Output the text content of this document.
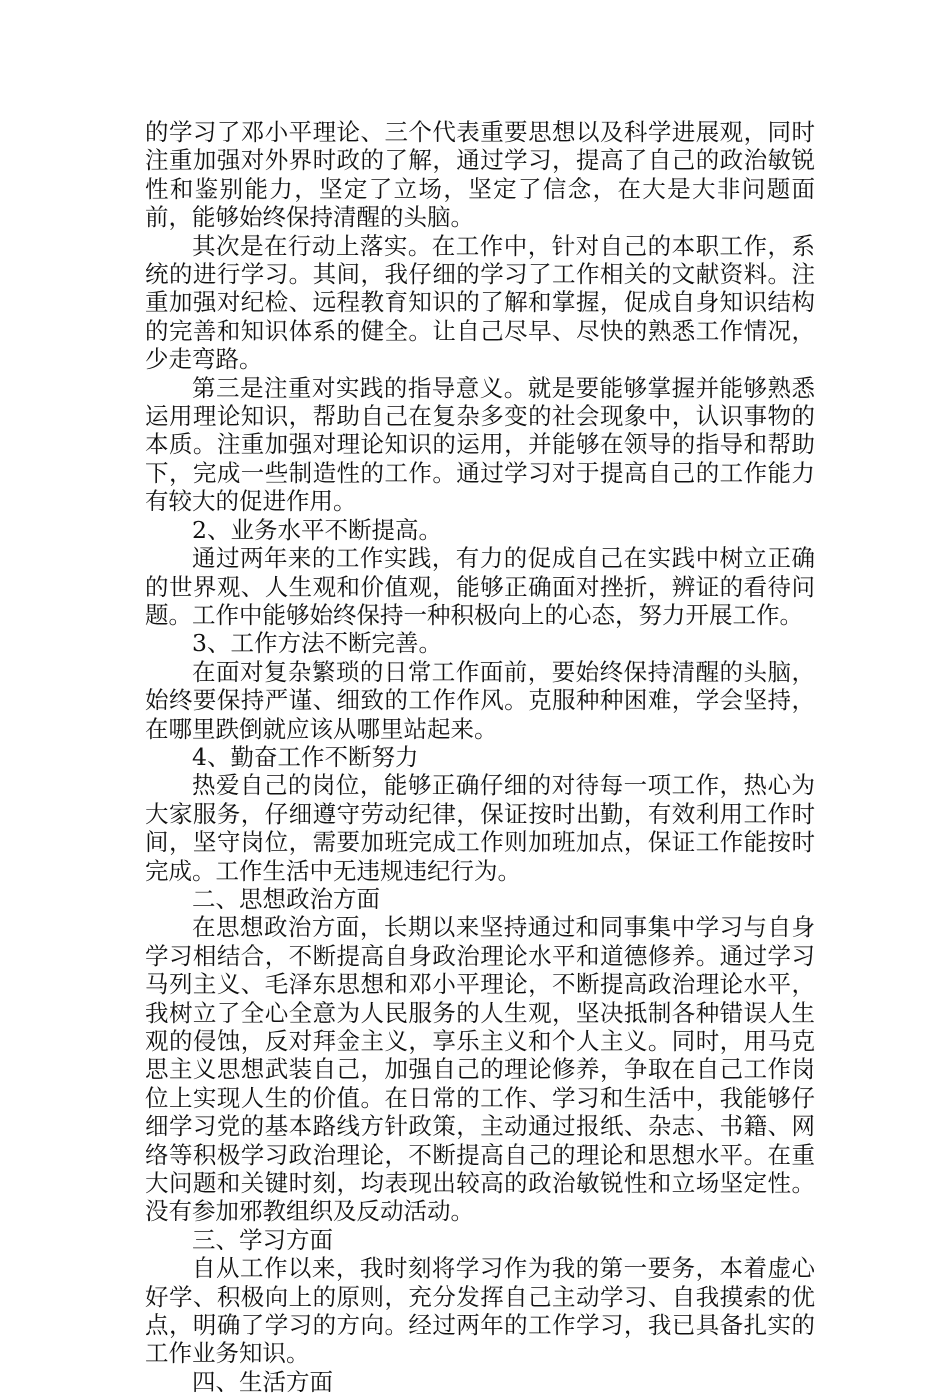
的学习了邓小平理论、三个代表重要思想以及科学进展观，同时注重加强对外界时政的了解，通过学习，提高了自己的政治敏锐性和鉴别能力，坚定了立场，坚定了信念，在大是大非问题面前，能够始终保持清醒的头脑。

其次是在行动上落实。在工作中，针对自己的本职工作，系统的进行学习。其间，我仔细的学习了工作相关的文献资料。注重加强对纪检、远程教育知识的了解和掌握，促成自身知识结构的完善和知识体系的健全。让自己尽早、尽快的熟悉工作情况，少走弯路。

第三是注重对实践的指导意义。就是要能够掌握并能够熟悉运用理论知识，帮助自己在复杂多变的社会现象中，认识事物的本质。注重加强对理论知识的运用，并能够在领导的指导和帮助下，完成一些制造性的工作。通过学习对于提高自己的工作能力有较大的促进作用。

2、业务水平不断提高。

通过两年来的工作实践，有力的促成自己在实践中树立正确的世界观、人生观和价值观，能够正确面对挫折，辨证的看待问题。工作中能够始终保持一种积极向上的心态，努力开展工作。

3、工作方法不断完善。

在面对复杂繁琐的日常工作面前，要始终保持清醒的头脑，始终要保持严谨、细致的工作作风。克服种种困难，学会坚持，在哪里跌倒就应该从哪里站起来。

4、勤奋工作不断努力

热爱自己的岗位，能够正确仔细的对待每一项工作，热心为大家服务，仔细遵守劳动纪律，保证按时出勤，有效利用工作时间，坚守岗位，需要加班完成工作则加班加点，保证工作能按时完成。工作生活中无违规违纪行为。

二、思想政治方面

在思想政治方面，长期以来坚持通过和同事集中学习与自身学习相结合，不断提高自身政治理论水平和道德修养。通过学习马列主义、毛泽东思想和邓小平理论，不断提高政治理论水平，我树立了全心全意为人民服务的人生观，坚决抵制各种错误人生观的侵蚀，反对拜金主义，享乐主义和个人主义。同时，用马克思主义思想武装自己，加强自己的理论修养，争取在自己工作岗位上实现人生的价值。在日常的工作、学习和生活中，我能够仔细学习党的基本路线方针政策，主动通过报纸、杂志、书籍、网络等积极学习政治理论，不断提高自己的理论和思想水平。在重大问题和关键时刻，均表现出较高的政治敏锐性和立场坚定性。没有参加邪教组织及反动活动。

三、学习方面

自从工作以来，我时刻将学习作为我的第一要务，本着虚心好学、积极向上的原则，充分发挥自己主动学习、自我摸索的优点，明确了学习的方向。经过两年的工作学习，我已具备扎实的工作业务知识。

四、生活方面
